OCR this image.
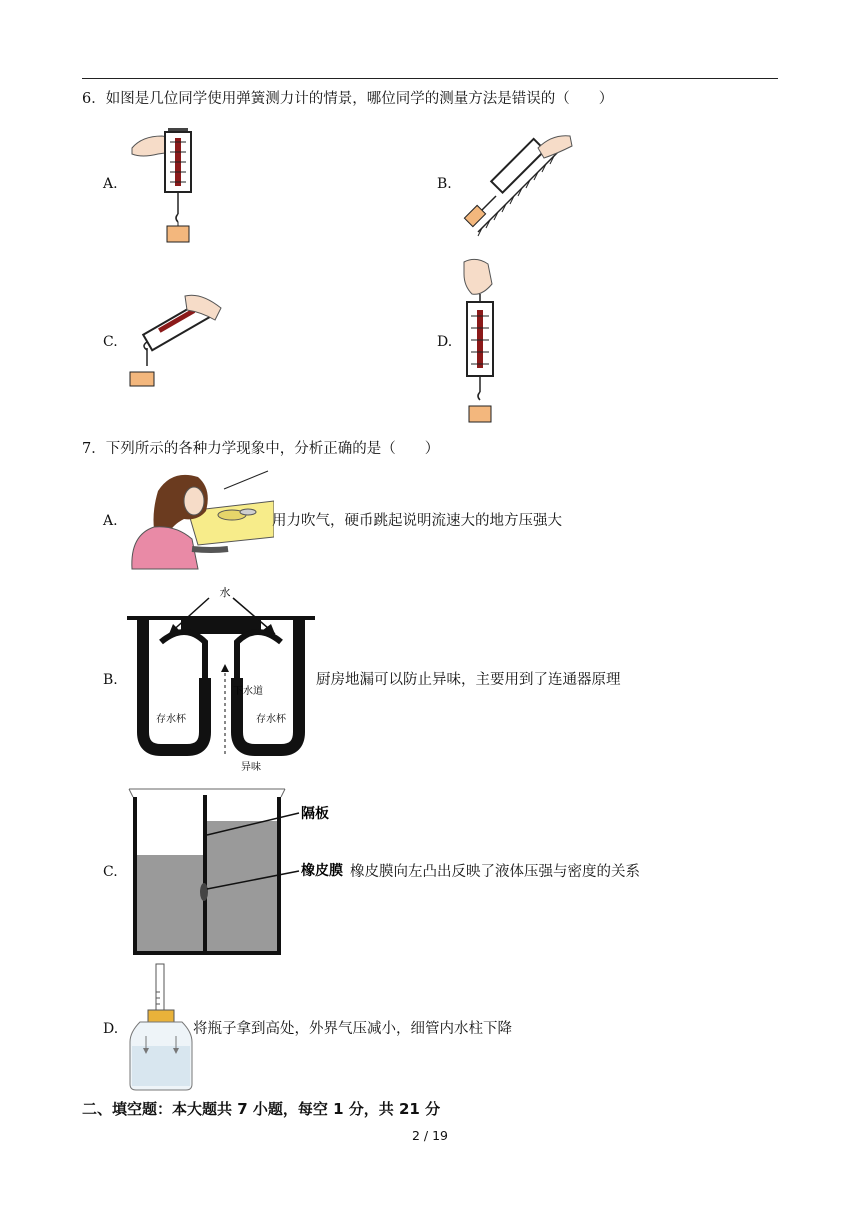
6．如图是几位同学使用弹簧测力计的情景，哪位同学的测量方法是错误的（　　）
A.	B.
C.	D.
7．下列所示的各种力学现象中，分析正确的是（　　）
A.	用力吹气，硬币跳起说明流速大的地方压强大
B.
水
存水杯	存水杯
下水道
异味
厨房地漏可以防止异味，主要用到了连通器原理
C.
隔板
橡皮膜 橡皮膜向左凸出反映了液体压强与密度的关系
D.	将瓶子拿到高处，外界气压减小，细管内水柱下降
二、填空题：本大题共 7 小题，每空 1 分，共 21 分
2 / 19
